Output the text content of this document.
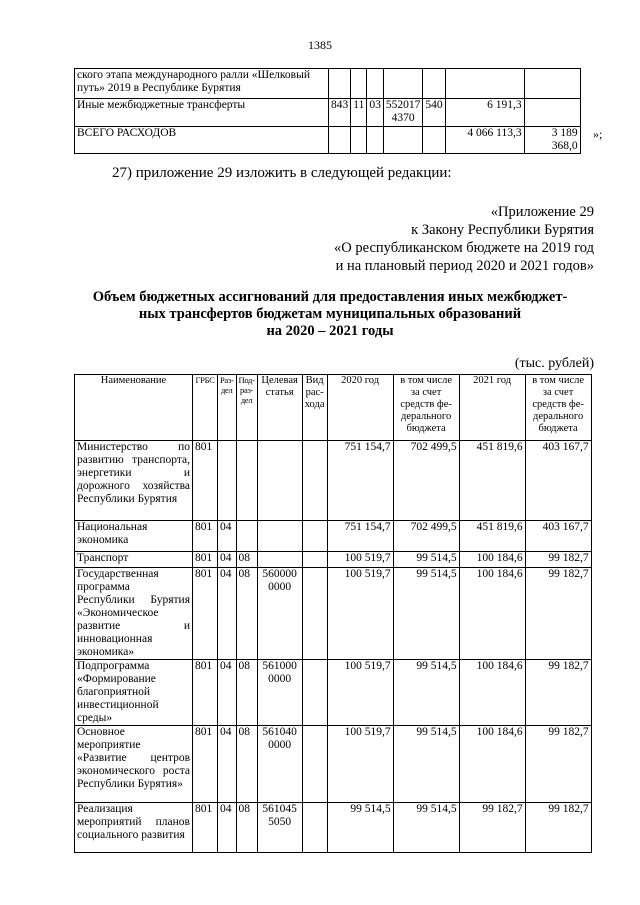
1385
ского этапа международного ралли «Шелковый путь» 2019 в Республике Бурятия							
Иные межбюджетные трансферты	843	11	03	552017 4370	540	6 191,3	
ВСЕГО РАСХОДОВ						4 066 113,3	3 189 368,0
»;
27) приложение 29 изложить в следующей редакции:
«Приложение 29
к Закону Республики Бурятия
«О республиканском бюджете на 2019 год
и на плановый период 2020 и 2021 годов»
Объем бюджетных ассигнований для предоставления иных межбюджет-
ных трансфертов бюджетам муниципальных образований
на 2020 – 2021 годы
(тыс. рублей)
Наименование	ГРБС	Раз-дел	Под-раз-дел	Целевая статья	Вид рас-хода	2020 год	в том числе за счет средств фе-дерального бюджета	2021 год	в том числе за счет средств фе-дерального бюджета
Министерство по развитию транспорта, энергетики и дорожного хозяйства Республики Бурятия	801					751 154,7	702 499,5	451 819,6	403 167,7
Национальная экономика	801	04				751 154,7	702 499,5	451 819,6	403 167,7
Транспорт	801	04	08			100 519,7	99 514,5	100 184,6	99 182,7
Государственная программа Республики Бурятия «Экономическое развитие и инновационная экономика»	801	04	08	560000 0000		100 519,7	99 514,5	100 184,6	99 182,7
Подпрограмма «Формирование благоприятной инвестиционной среды»	801	04	08	561000 0000		100 519,7	99 514,5	100 184,6	99 182,7
Основное мероприятие «Развитие центров экономического роста Республики Бурятия»	801	04	08	561040 0000		100 519,7	99 514,5	100 184,6	99 182,7
Реализация мероприятий планов социального развития	801	04	08	561045 5050		99 514,5	99 514,5	99 182,7	99 182,7
